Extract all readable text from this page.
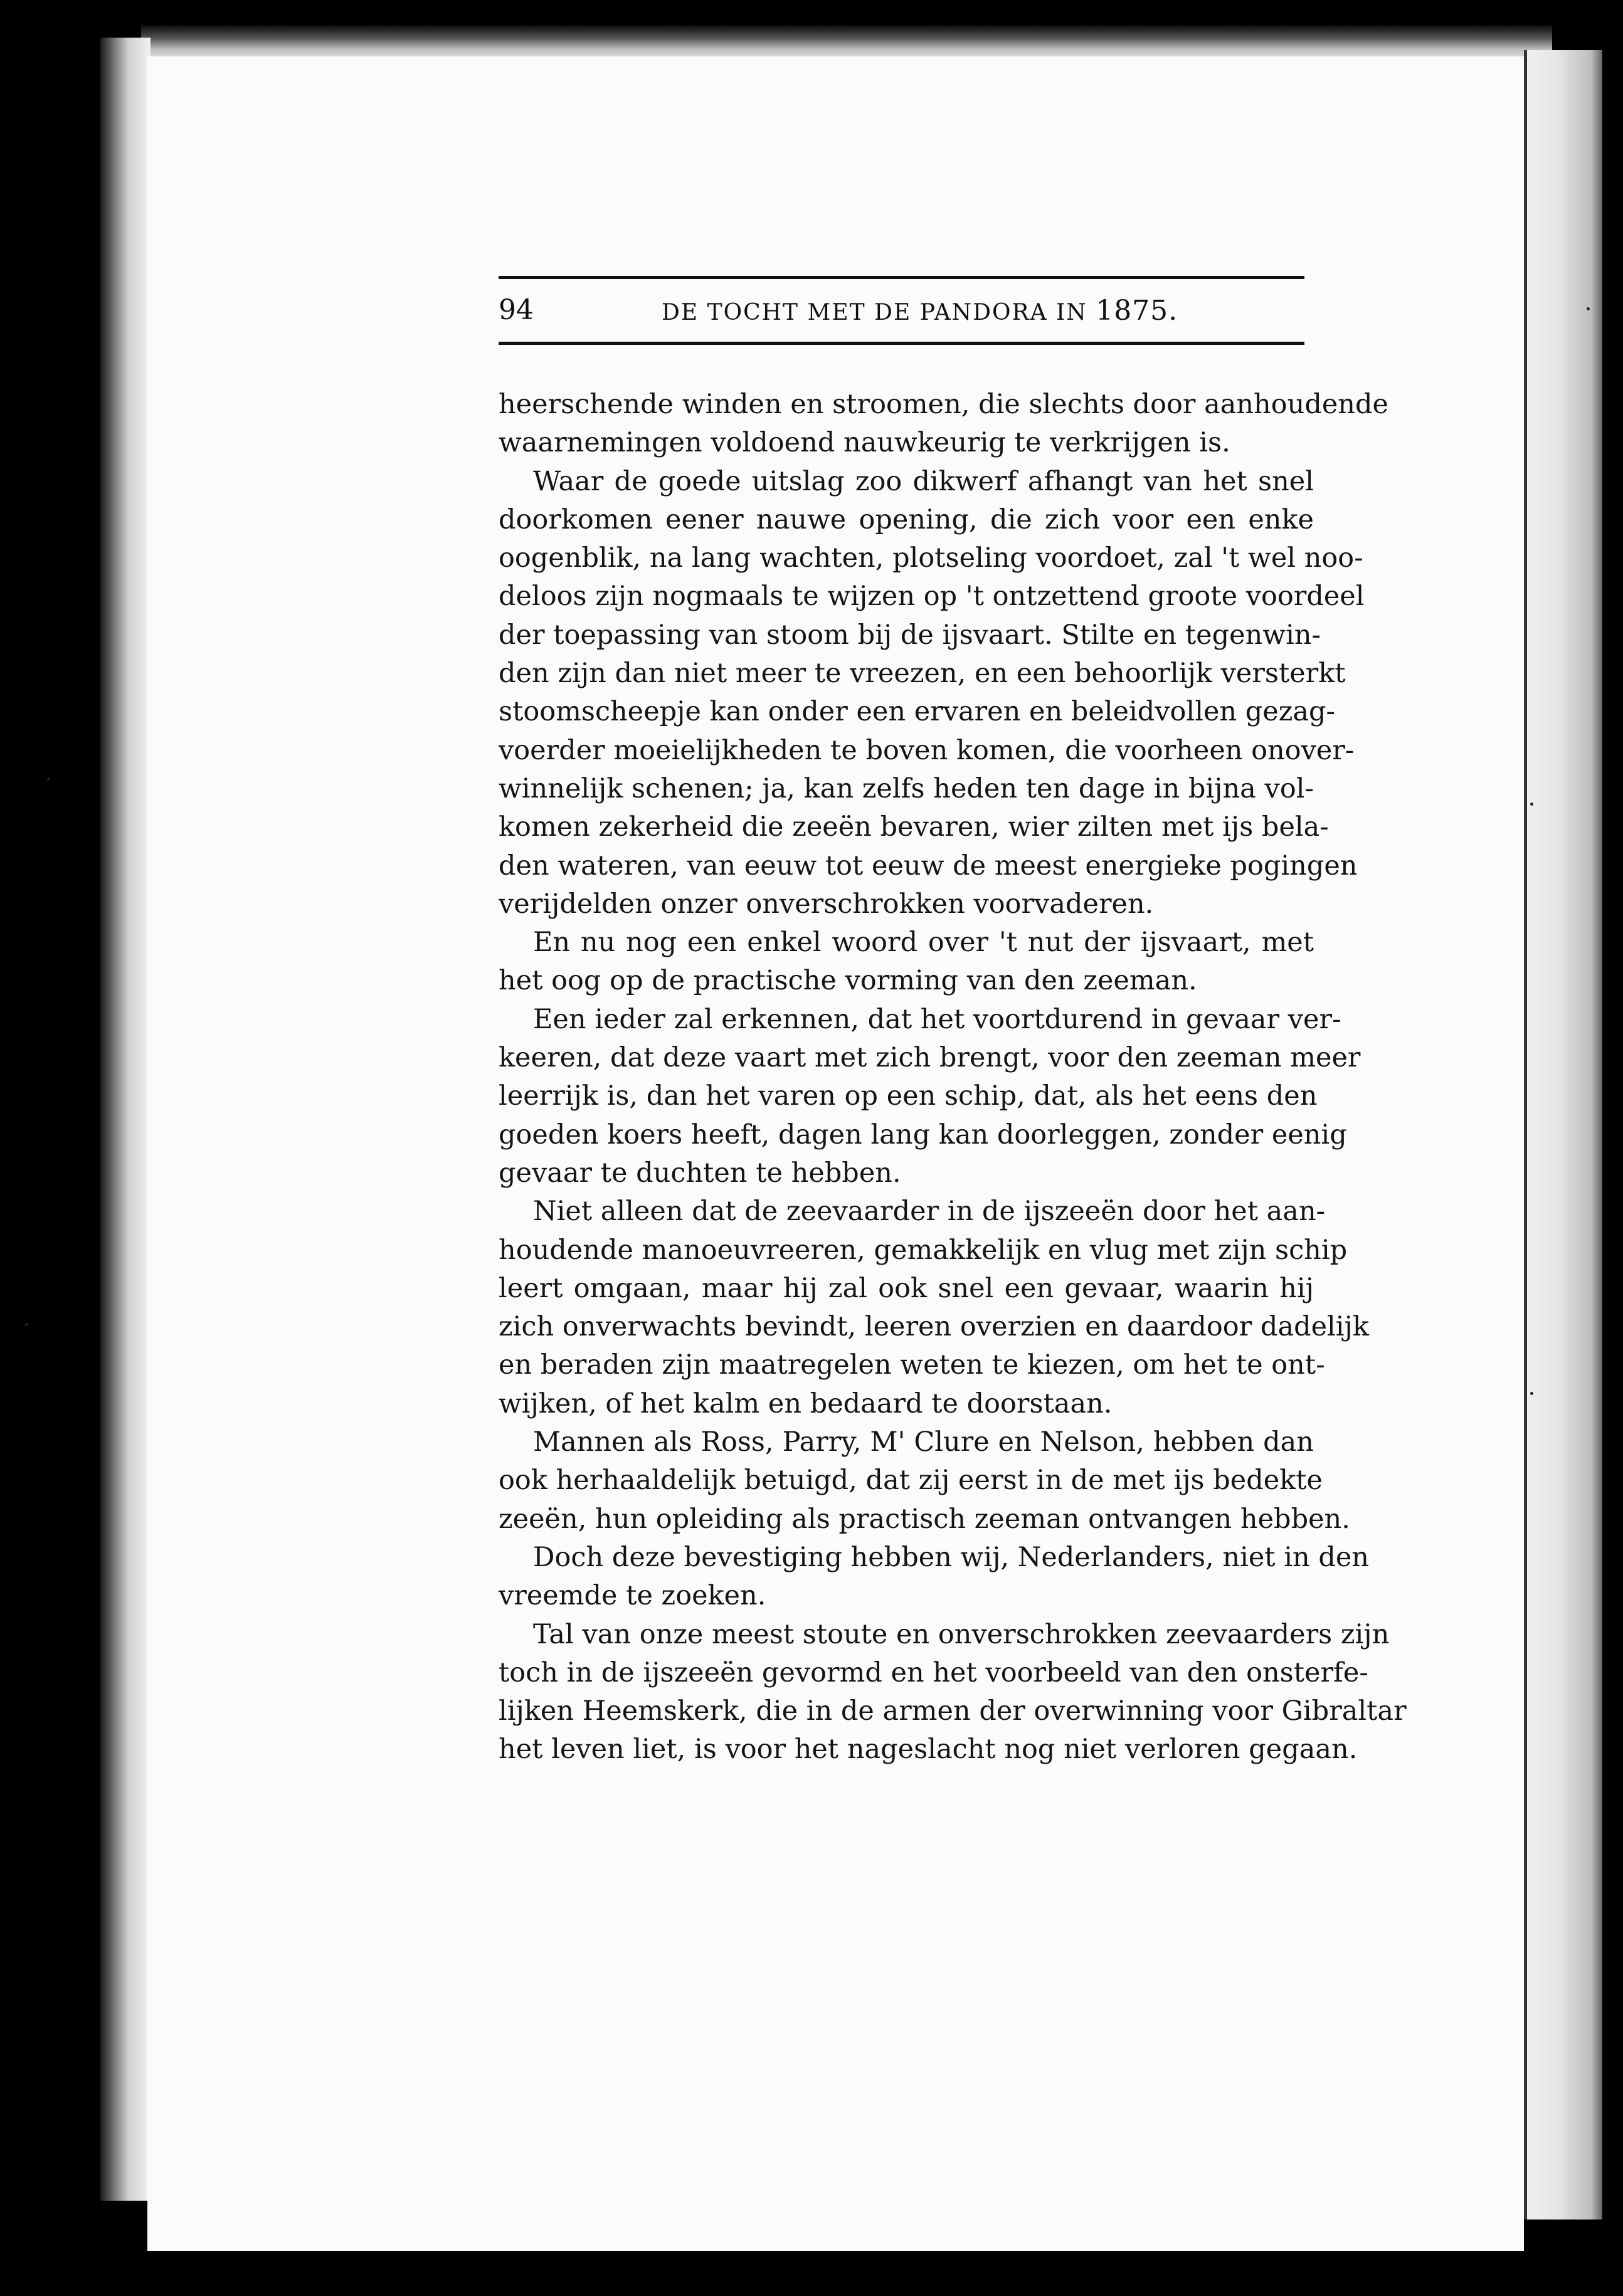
94	DE TOCHT MET DE PANDORA IN 1875.
heerschende winden en stroomen, die slechts door aanhoudende
waarnemingen voldoend nauwkeurig te verkrijgen is.
Waar de goede uitslag zoo dikwerf afhangt van het snel
doorkomen eener nauwe opening, die zich voor een enke
oogenblik, na lang wachten, plotseling voordoet, zal 't wel noo-
deloos zijn nogmaals te wijzen op 't ontzettend groote voordeel
der toepassing van stoom bij de ijsvaart. Stilte en tegenwin-
den zijn dan niet meer te vreezen, en een behoorlijk versterkt
stoomscheepje kan onder een ervaren en beleidvollen gezag-
voerder moeielijkheden te boven komen, die voorheen onover-
winnelijk schenen; ja, kan zelfs heden ten dage in bijna vol-
komen zekerheid die zeeën bevaren, wier zilten met ijs bela-
den wateren, van eeuw tot eeuw de meest energieke pogingen
verijdelden onzer onverschrokken voorvaderen.
En nu nog een enkel woord over 't nut der ijsvaart, met
het oog op de practische vorming van den zeeman.
Een ieder zal erkennen, dat het voortdurend in gevaar ver-
keeren, dat deze vaart met zich brengt, voor den zeeman meer
leerrijk is, dan het varen op een schip, dat, als het eens den
goeden koers heeft, dagen lang kan doorleggen, zonder eenig
gevaar te duchten te hebben.
Niet alleen dat de zeevaarder in de ijszeeën door het aan-
houdende manoeuvreeren, gemakkelijk en vlug met zijn schip
leert omgaan, maar hij zal ook snel een gevaar, waarin hij
zich onverwachts bevindt, leeren overzien en daardoor dadelijk
en beraden zijn maatregelen weten te kiezen, om het te ont-
wijken, of het kalm en bedaard te doorstaan.
Mannen als Ross, Parry, M' Clure en Nelson, hebben dan
ook herhaaldelijk betuigd, dat zij eerst in de met ijs bedekte
zeeën, hun opleiding als practisch zeeman ontvangen hebben.
Doch deze bevestiging hebben wij, Nederlanders, niet in den
vreemde te zoeken.
Tal van onze meest stoute en onverschrokken zeevaarders zijn
toch in de ijszeeën gevormd en het voorbeeld van den onsterfe-
lijken Heemskerk, die in de armen der overwinning voor Gibraltar
het leven liet, is voor het nageslacht nog niet verloren gegaan.
